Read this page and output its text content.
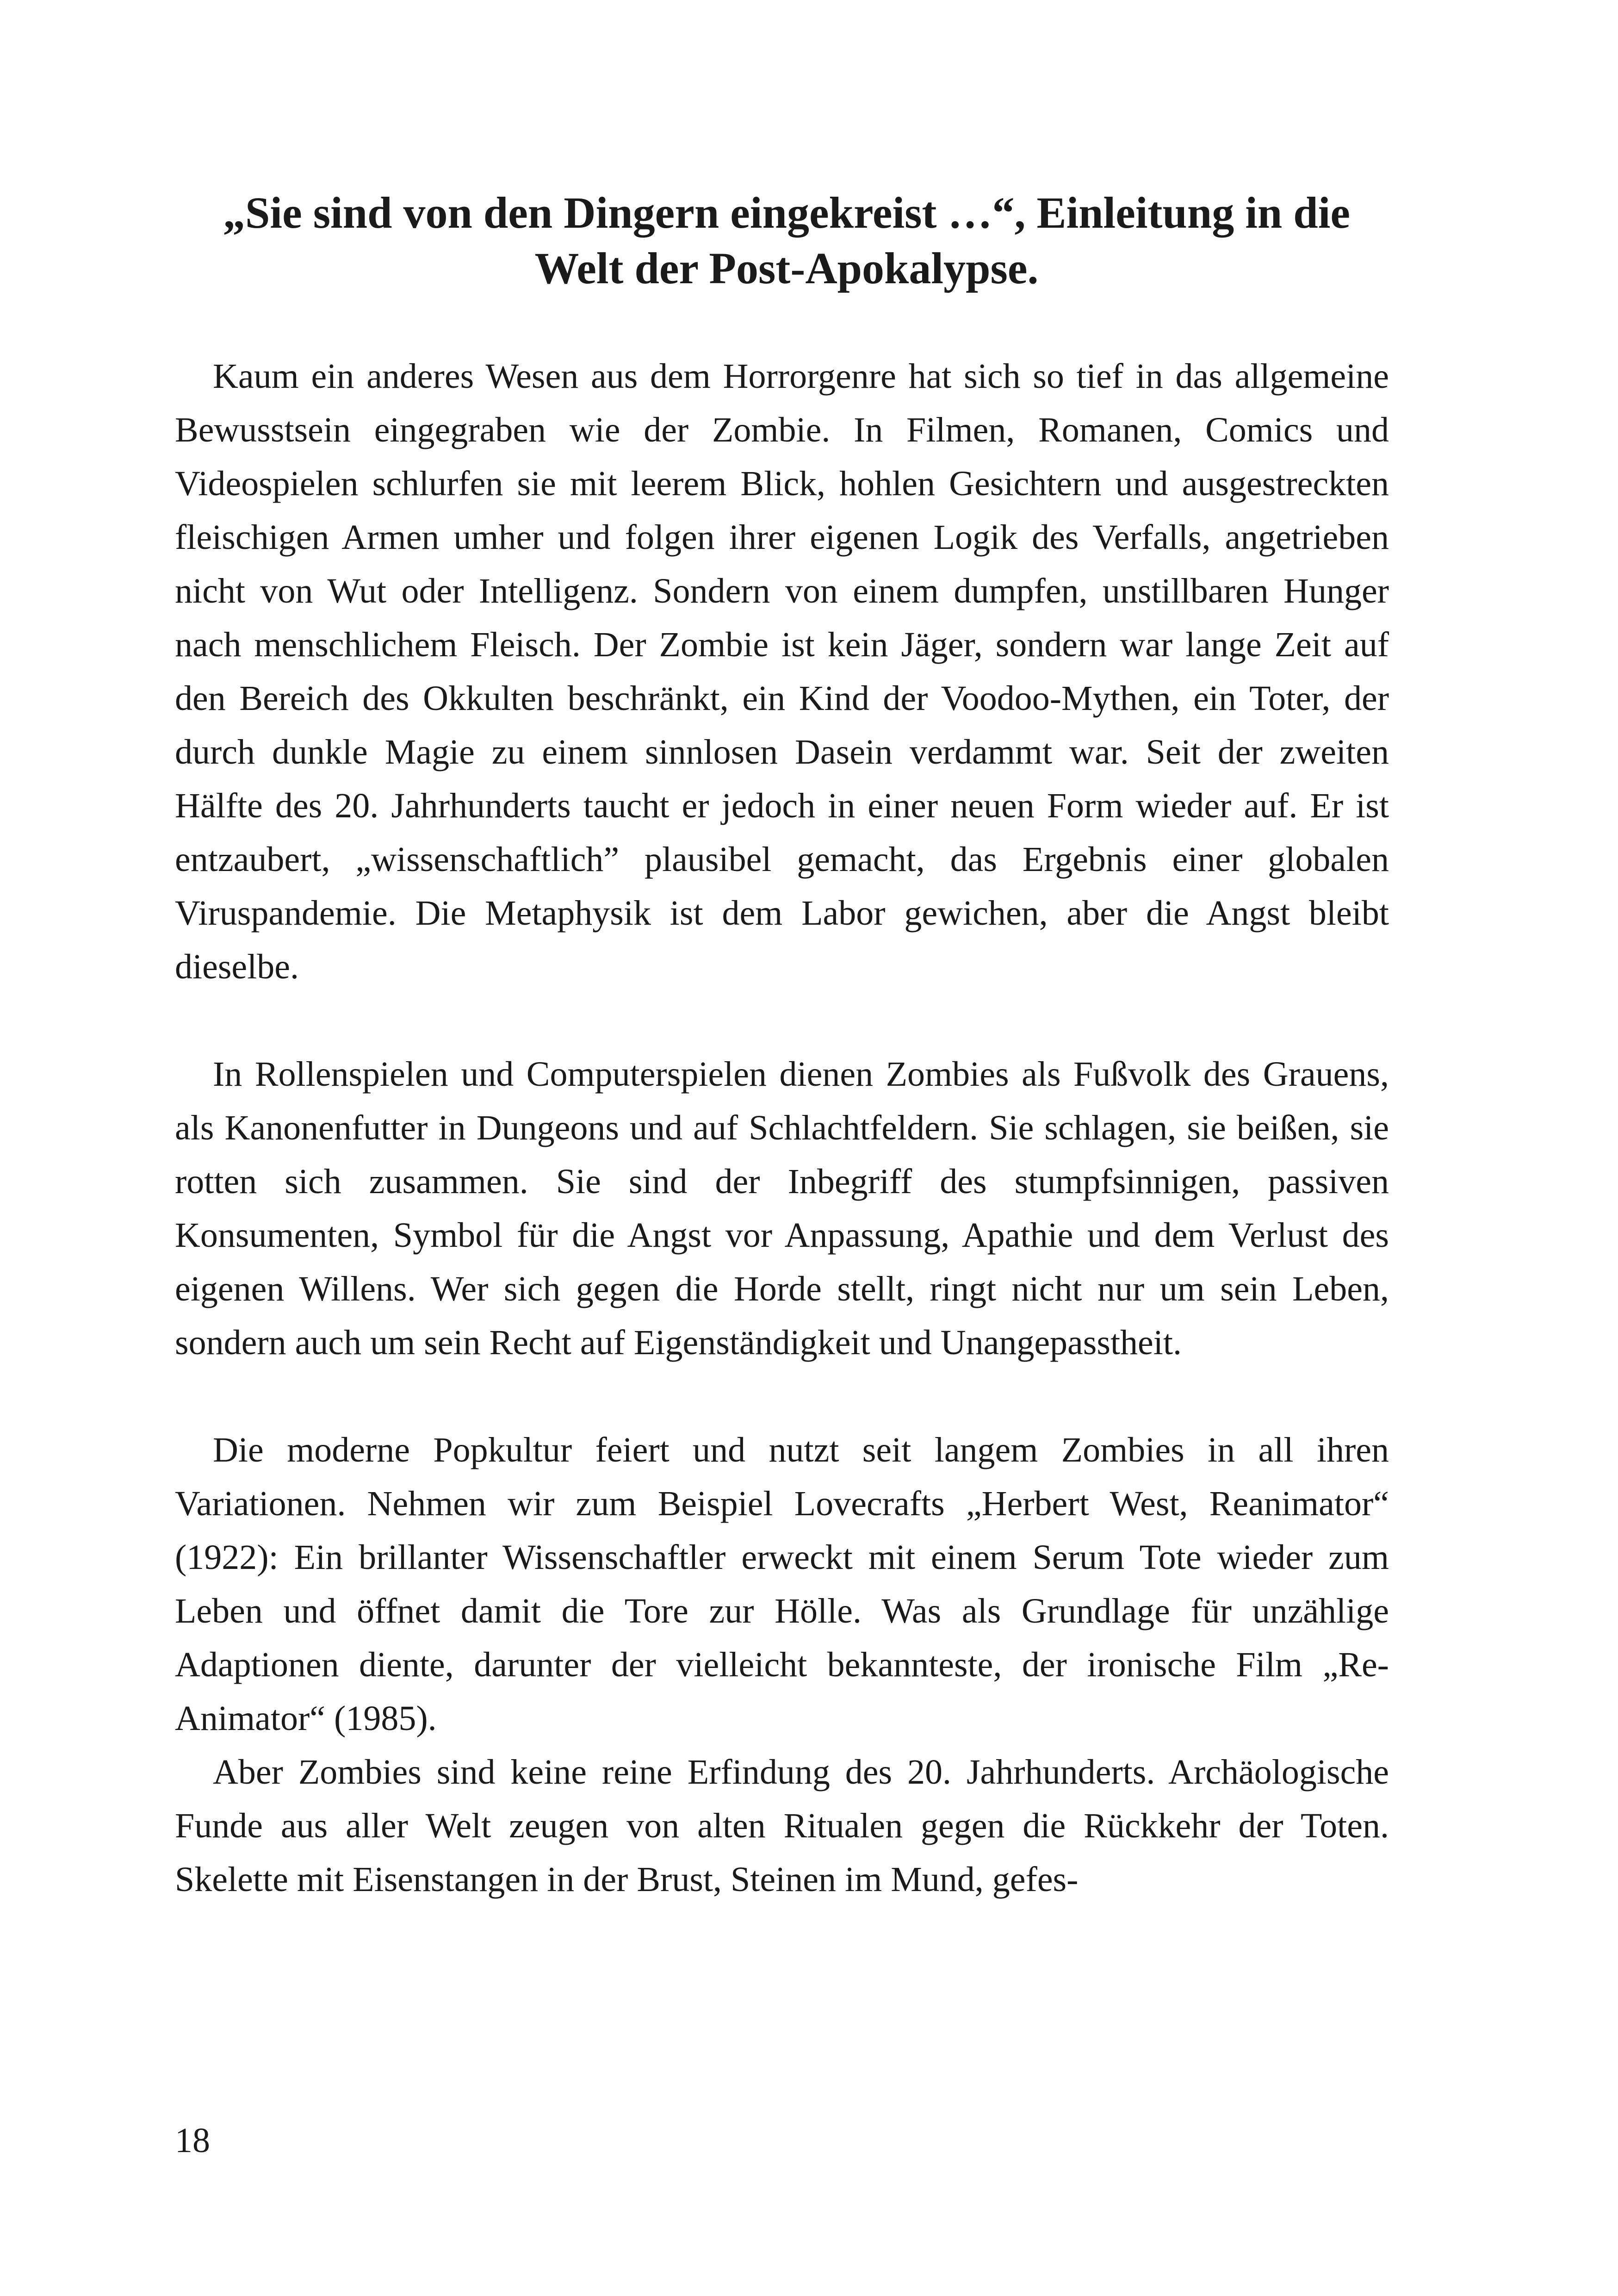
„Sie sind von den Dingern eingekreist …“, Einleitung in die Welt der Post-Apokalypse.

Kaum ein anderes Wesen aus dem Horrorgenre hat sich so tief in das allgemeine Bewusstsein eingegraben wie der Zombie. In Filmen, Romanen, Comics und Videospielen schlurfen sie mit leerem Blick, hohlen Gesichtern und ausgestreckten fleischigen Armen umher und folgen ihrer eigenen Logik des Verfalls, angetrieben nicht von Wut oder Intelligenz. Sondern von einem dumpfen, unstillbaren Hunger nach menschlichem Fleisch. Der Zombie ist kein Jäger, sondern war lange Zeit auf den Bereich des Okkulten beschränkt, ein Kind der Voodoo-Mythen, ein Toter, der durch dunkle Magie zu einem sinnlosen Dasein verdammt war. Seit der zweiten Hälfte des 20. Jahrhunderts taucht er jedoch in einer neuen Form wieder auf. Er ist entzaubert, „wissenschaftlich” plausibel gemacht, das Ergebnis einer globalen Viruspandemie. Die Metaphysik ist dem Labor gewichen, aber die Angst bleibt dieselbe.

In Rollenspielen und Computerspielen dienen Zombies als Fußvolk des Grauens, als Kanonenfutter in Dungeons und auf Schlachtfeldern. Sie schlagen, sie beißen, sie rotten sich zusammen. Sie sind der Inbegriff des stumpfsinnigen, passiven Konsumenten, Symbol für die Angst vor Anpassung, Apathie und dem Verlust des eigenen Willens. Wer sich gegen die Horde stellt, ringt nicht nur um sein Leben, sondern auch um sein Recht auf Eigenständigkeit und Unangepasstheit.

Die moderne Popkultur feiert und nutzt seit langem Zombies in all ihren Variationen. Nehmen wir zum Beispiel Lovecrafts „Herbert West, Reanimator“ (1922): Ein brillanter Wissenschaftler erweckt mit einem Serum Tote wieder zum Leben und öffnet damit die Tore zur Hölle. Was als Grundlage für unzählige Adaptionen diente, darunter der vielleicht bekannteste, der ironische Film „Re-Animator“ (1985).

Aber Zombies sind keine reine Erfindung des 20. Jahrhunderts. Archäologische Funde aus aller Welt zeugen von alten Ritualen gegen die Rückkehr der Toten. Skelette mit Eisenstangen in der Brust, Steinen im Mund, gefes-

18
